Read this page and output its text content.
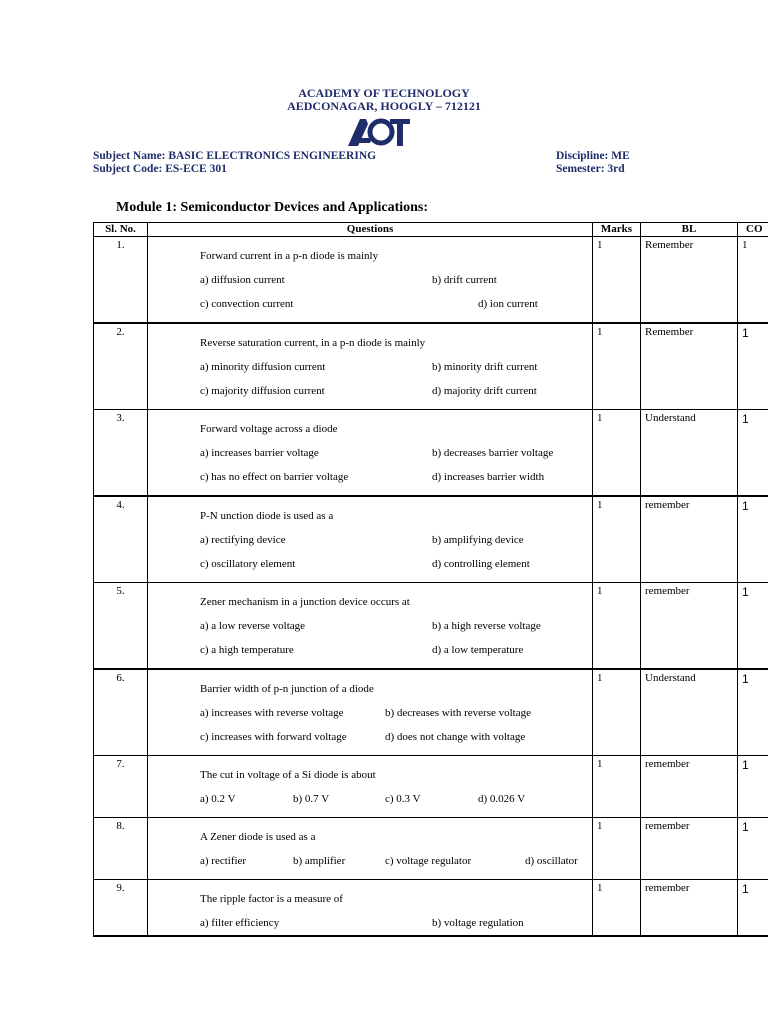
ACADEMY OF TECHNOLOGY
AEDCONAGAR, HOOGLY – 712121
Subject Name: BASIC ELECTRONICS ENGINEERING
Subject Code: ES-ECE 301
Discipline: ME
Semester: 3rd
Module 1: Semiconductor Devices and Applications:
Sl. No.	Questions	Marks	BL	CO
1.	Forward current in a p-n diode is mainly
a) diffusion current b) drift current
c) convection current d) ion current	1	Remember	1
2.	Reverse saturation current, in a p-n diode is mainly
a) minority diffusion current b) minority drift current
c) majority diffusion current d) majority drift current	1	Remember	1
3.	Forward voltage across a diode
a) increases barrier voltage b) decreases barrier voltage
c) has no effect on barrier voltage d) increases barrier width	1	Understand	1
4.	P-N unction diode is used as a
a) rectifying device b) amplifying device
c) oscillatory element d) controlling element	1	remember	1
5.	Zener mechanism in a junction device occurs at
a) a low reverse voltage b) a high reverse voltage
c) a high temperature d) a low temperature	1	remember	1
6.	Barrier width of p-n junction of a diode
a) increases with reverse voltage b) decreases with reverse voltage
c) increases with forward voltage d) does not change with voltage	1	Understand	1
7.	The cut in voltage of a Si diode is about
a) 0.2 V b) 0.7 V c) 0.3 V d) 0.026 V	1	remember	1
8.	A Zener diode is used as a
a) rectifier b) amplifier c) voltage regulator d) oscillator	1	remember	1
9.	The ripple factor is a measure of
a) filter efficiency b) voltage regulation	1	remember	1
